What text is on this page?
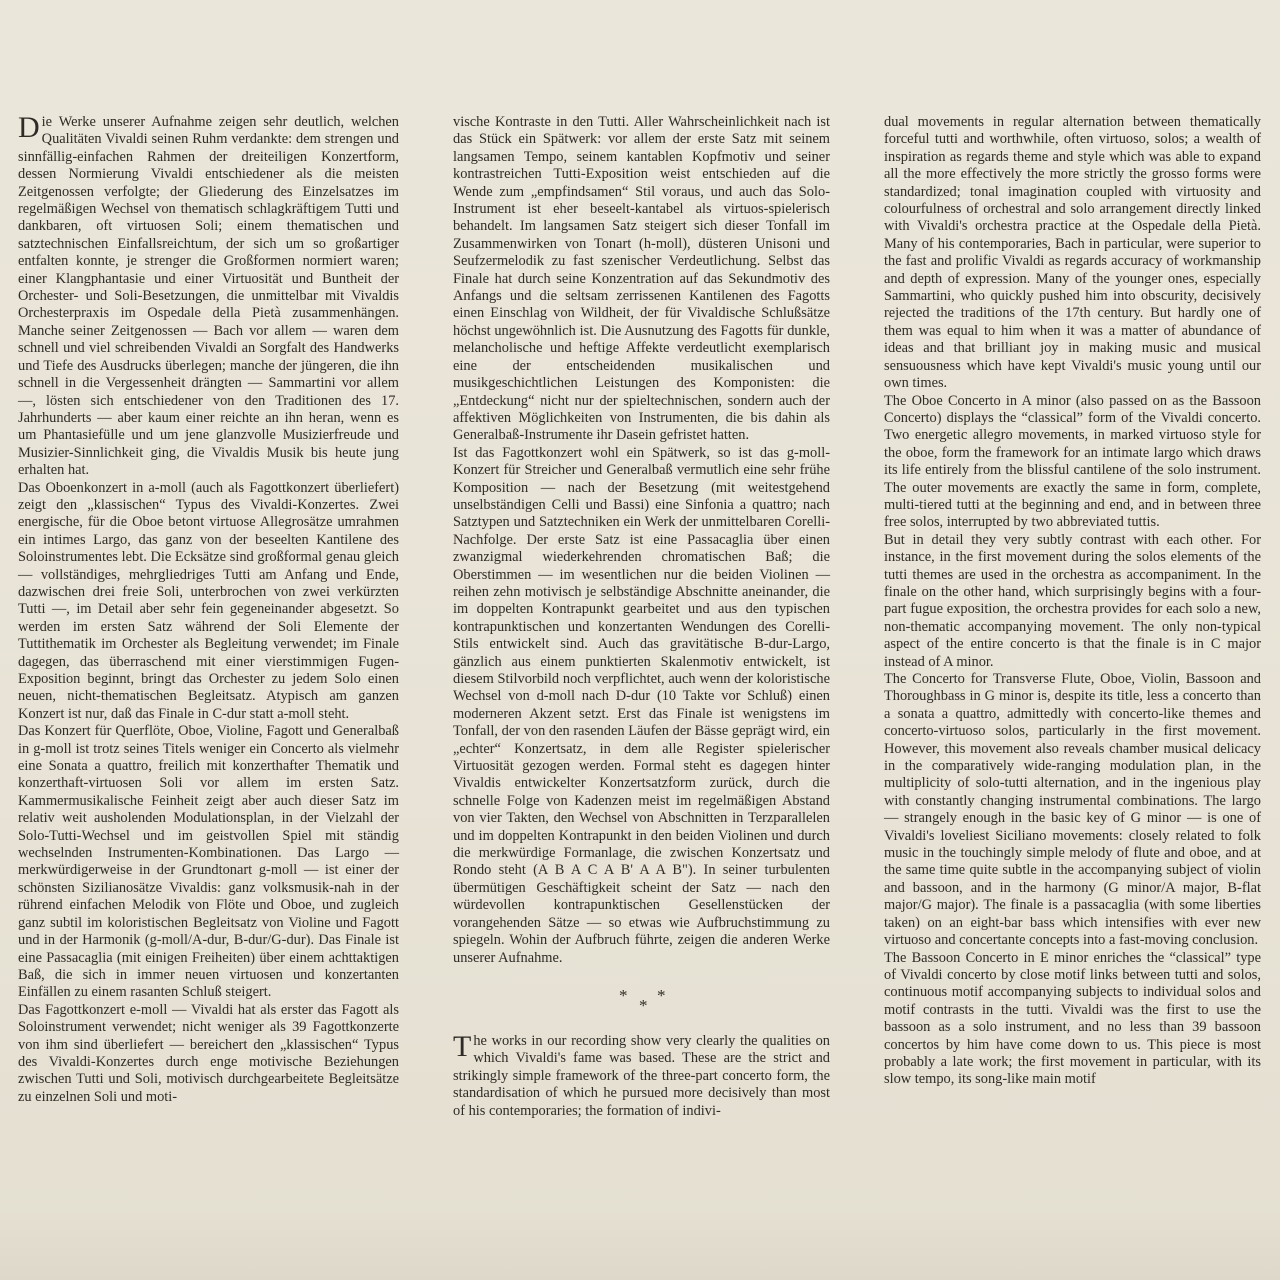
Die Werke unserer Aufnahme zeigen sehr deutlich, welchen Qualitäten Vivaldi seinen Ruhm verdankte: dem strengen und sinnfällig-einfachen Rahmen der dreiteiligen Konzertform, dessen Normierung Vivaldi entschiedener als die meisten Zeitgenossen verfolgte; der Gliederung des Einzelsatzes im regelmäßigen Wechsel von thematisch schlagkräftigem Tutti und dankbaren, oft virtuosen Soli; einem thematischen und satztechnischen Einfallsreichtum, der sich um so großartiger entfalten konnte, je strenger die Großformen normiert waren; einer Klangphantasie und einer Virtuosität und Buntheit der Orchester- und Soli-Besetzungen, die unmittelbar mit Vivaldis Orchesterpraxis im Ospedale della Pietà zusammenhängen. Manche seiner Zeitgenossen — Bach vor allem — waren dem schnell und viel schreibenden Vivaldi an Sorgfalt des Handwerks und Tiefe des Ausdrucks überlegen; manche der jüngeren, die ihn schnell in die Vergessenheit drängten — Sammartini vor allem —, lösten sich entschiedener von den Traditionen des 17. Jahrhunderts — aber kaum einer reichte an ihn heran, wenn es um Phantasiefülle und um jene glanzvolle Musizierfreude und Musizier-Sinnlichkeit ging, die Vivaldis Musik bis heute jung erhalten hat.

Das Oboenkonzert in a-moll (auch als Fagottkonzert überliefert) zeigt den „klassischen“ Typus des Vivaldi-Konzertes. Zwei energische, für die Oboe betont virtuose Allegrosätze umrahmen ein intimes Largo, das ganz von der beseelten Kantilene des Soloinstrumentes lebt. Die Ecksätze sind großformal genau gleich — vollständiges, mehrgliedriges Tutti am Anfang und Ende, dazwischen drei freie Soli, unterbrochen von zwei verkürzten Tutti —, im Detail aber sehr fein gegeneinander abgesetzt. So werden im ersten Satz während der Soli Elemente der Tuttithematik im Orchester als Begleitung verwendet; im Finale dagegen, das überraschend mit einer vierstimmigen Fugen-Exposition beginnt, bringt das Orchester zu jedem Solo einen neuen, nicht-thematischen Begleitsatz. Atypisch am ganzen Konzert ist nur, daß das Finale in C-dur statt a-moll steht.

Das Konzert für Querflöte, Oboe, Violine, Fagott und Generalbaß in g-moll ist trotz seines Titels weniger ein Concerto als vielmehr eine Sonata a quattro, freilich mit konzerthafter Thematik und konzerthaft-virtuosen Soli vor allem im ersten Satz. Kammermusikalische Feinheit zeigt aber auch dieser Satz im relativ weit ausholenden Modulationsplan, in der Vielzahl der Solo-Tutti-Wechsel und im geistvollen Spiel mit ständig wechselnden Instrumenten-Kombinationen. Das Largo — merkwürdigerweise in der Grundtonart g-moll — ist einer der schönsten Sizilianosätze Vivaldis: ganz volksmusik-nah in der rührend einfachen Melodik von Flöte und Oboe, und zugleich ganz subtil im koloristischen Begleitsatz von Violine und Fagott und in der Harmonik (g-moll/A-dur, B-dur/G-dur). Das Finale ist eine Passacaglia (mit einigen Freiheiten) über einem achttaktigen Baß, die sich in immer neuen virtuosen und konzertanten Einfällen zu einem rasanten Schluß steigert.

Das Fagottkonzert e-moll — Vivaldi hat als erster das Fagott als Soloinstrument verwendet; nicht weniger als 39 Fagottkonzerte von ihm sind überliefert — bereichert den „klassischen“ Typus des Vivaldi-Konzertes durch enge motivische Beziehungen zwischen Tutti und Soli, motivisch durchgearbeitete Begleitsätze zu einzelnen Soli und moti-

vische Kontraste in den Tutti. Aller Wahrscheinlichkeit nach ist das Stück ein Spätwerk: vor allem der erste Satz mit seinem langsamen Tempo, seinem kantablen Kopfmotiv und seiner kontrastreichen Tutti-Exposition weist entschieden auf die Wende zum „empfindsamen“ Stil voraus, und auch das Solo-Instrument ist eher beseelt-kantabel als virtuos-spielerisch behandelt. Im langsamen Satz steigert sich dieser Tonfall im Zusammenwirken von Tonart (h-moll), düsteren Unisoni und Seufzermelodik zu fast szenischer Verdeutlichung. Selbst das Finale hat durch seine Konzentration auf das Sekundmotiv des Anfangs und die seltsam zerrissenen Kantilenen des Fagotts einen Einschlag von Wildheit, der für Vivaldische Schlußsätze höchst ungewöhnlich ist. Die Ausnutzung des Fagotts für dunkle, melancholische und heftige Affekte verdeutlicht exemplarisch eine der entscheidenden musikalischen und musikgeschichtlichen Leistungen des Komponisten: die „Entdeckung“ nicht nur der spieltechnischen, sondern auch der affektiven Möglichkeiten von Instrumenten, die bis dahin als Generalbaß-Instrumente ihr Dasein gefristet hatten.

Ist das Fagottkonzert wohl ein Spätwerk, so ist das g-moll-Konzert für Streicher und Generalbaß vermutlich eine sehr frühe Komposition — nach der Besetzung (mit weitestgehend unselbständigen Celli und Bassi) eine Sinfonia a quattro; nach Satztypen und Satztechniken ein Werk der unmittelbaren Corelli-Nachfolge. Der erste Satz ist eine Passacaglia über einen zwanzigmal wiederkehrenden chromatischen Baß; die Oberstimmen — im wesentlichen nur die beiden Violinen — reihen zehn motivisch je selbständige Abschnitte aneinander, die im doppelten Kontrapunkt gearbeitet und aus den typischen kontrapunktischen und konzertanten Wendungen des Corelli-Stils entwickelt sind. Auch das gravitätische B-dur-Largo, gänzlich aus einem punktierten Skalenmotiv entwickelt, ist diesem Stilvorbild noch verpflichtet, auch wenn der koloristische Wechsel von d-moll nach D-dur (10 Takte vor Schluß) einen moderneren Akzent setzt. Erst das Finale ist wenigstens im Tonfall, der von den rasenden Läufen der Bässe geprägt wird, ein „echter“ Konzertsatz, in dem alle Register spielerischer Virtuosität gezogen werden. Formal steht es dagegen hinter Vivaldis entwickelter Konzertsatzform zurück, durch die schnelle Folge von Kadenzen meist im regelmäßigen Abstand von vier Takten, den Wechsel von Abschnitten in Terzparallelen und im doppelten Kontrapunkt in den beiden Violinen und durch die merkwürdige Formanlage, die zwischen Konzertsatz und Rondo steht (A B A C A B' A A B"). In seiner turbulenten übermütigen Geschäftigkeit scheint der Satz — nach den würdevollen kontrapunktischen Gesellenstücken der vorangehenden Sätze — so etwas wie Aufbruchstimmung zu spiegeln. Wohin der Aufbruch führte, zeigen die anderen Werke unserer Aufnahme.

*
*
*

The works in our recording show very clearly the qualities on which Vivaldi's fame was based. These are the strict and strikingly simple framework of the three-part concerto form, the standardisation of which he pursued more decisively than most of his contemporaries; the formation of indivi-

dual movements in regular alternation between thematically forceful tutti and worthwhile, often virtuoso, solos; a wealth of inspiration as regards theme and style which was able to expand all the more effectively the more strictly the grosso forms were standardized; tonal imagination coupled with virtuosity and colourfulness of orchestral and solo arrangement directly linked with Vivaldi's orchestra practice at the Ospedale della Pietà. Many of his contemporaries, Bach in particular, were superior to the fast and prolific Vivaldi as regards accuracy of workmanship and depth of expression. Many of the younger ones, especially Sammartini, who quickly pushed him into obscurity, decisively rejected the traditions of the 17th century. But hardly one of them was equal to him when it was a matter of abundance of ideas and that brilliant joy in making music and musical sensuousness which have kept Vivaldi's music young until our own times.

The Oboe Concerto in A minor (also passed on as the Bassoon Concerto) displays the “classical” form of the Vivaldi concerto. Two energetic allegro movements, in marked virtuoso style for the oboe, form the framework for an intimate largo which draws its life entirely from the blissful cantilene of the solo instrument. The outer movements are exactly the same in form, complete, multi-tiered tutti at the beginning and end, and in between three free solos, interrupted by two abbreviated tuttis.

But in detail they very subtly contrast with each other. For instance, in the first movement during the solos elements of the tutti themes are used in the orchestra as accompaniment. In the finale on the other hand, which surprisingly begins with a four-part fugue exposition, the orchestra provides for each solo a new, non-thematic accompanying movement. The only non-typical aspect of the entire concerto is that the finale is in C major instead of A minor.

The Concerto for Transverse Flute, Oboe, Violin, Bassoon and Thoroughbass in G minor is, despite its title, less a concerto than a sonata a quattro, admittedly with concerto-like themes and concerto-virtuoso solos, particularly in the first movement. However, this movement also reveals chamber musical delicacy in the comparatively wide-ranging modulation plan, in the multiplicity of solo-tutti alternation, and in the ingenious play with constantly changing instrumental combinations. The largo — strangely enough in the basic key of G minor — is one of Vivaldi's loveliest Siciliano movements: closely related to folk music in the touchingly simple melody of flute and oboe, and at the same time quite subtle in the accompanying subject of violin and bassoon, and in the harmony (G minor/A major, B-flat major/G major). The finale is a passacaglia (with some liberties taken) on an eight-bar bass which intensifies with ever new virtuoso and concertante concepts into a fast-moving conclusion.

The Bassoon Concerto in E minor enriches the “classical” type of Vivaldi concerto by close motif links between tutti and solos, continuous motif accompanying subjects to individual solos and motif contrasts in the tutti. Vivaldi was the first to use the bassoon as a solo instrument, and no less than 39 bassoon concertos by him have come down to us. This piece is most probably a late work; the first movement in particular, with its slow tempo, its song-like main motif
